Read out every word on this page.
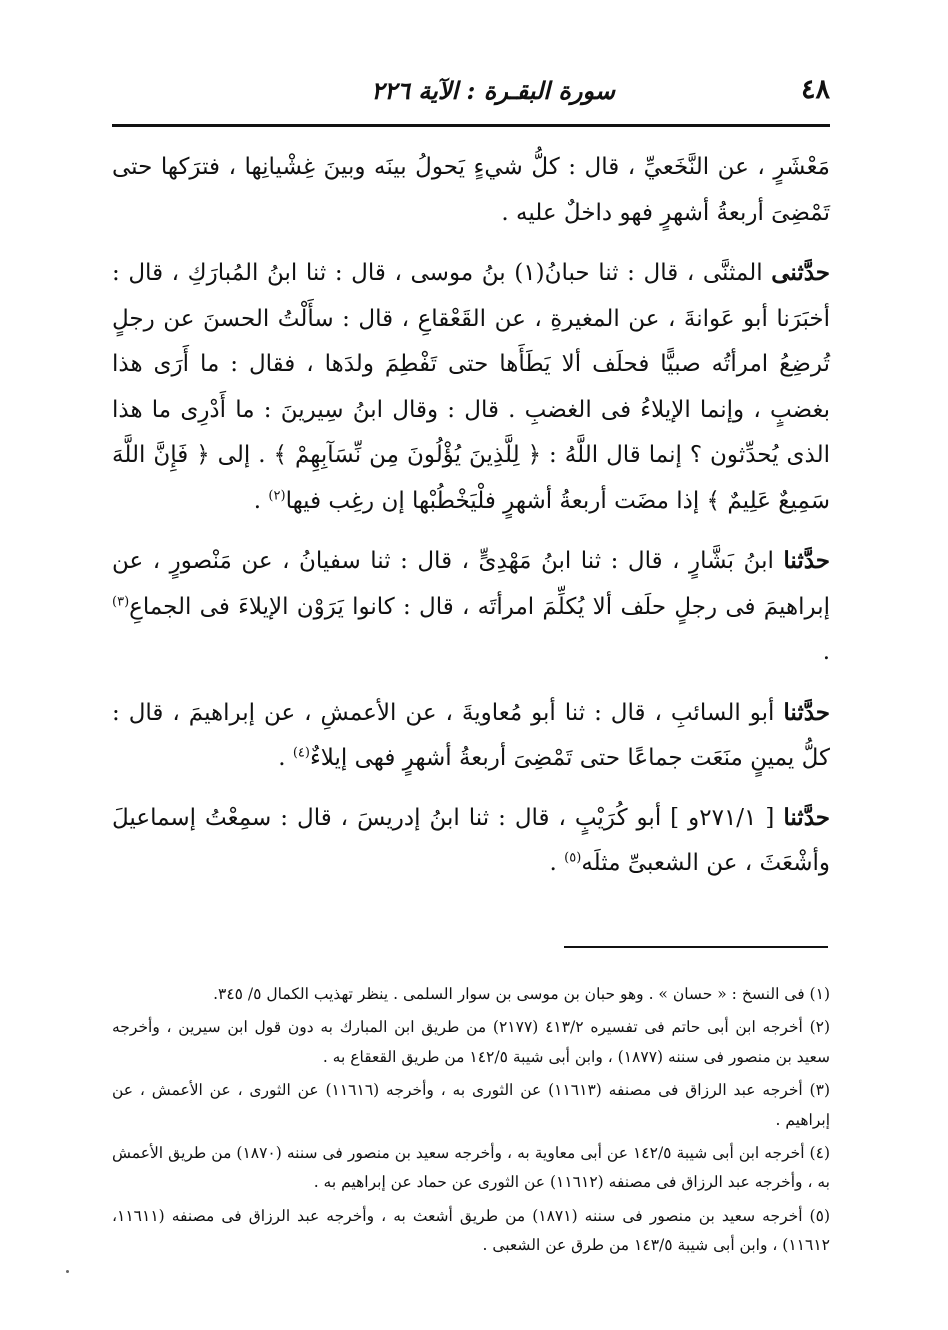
٤٨
سورة البقـرة : الآية ٢٢٦

مَعْشَرٍ ، عن النَّخَعيِّ ، قال : كلُّ شيءٍ يَحولُ بينَه وبينَ غِشْيانِها ، فترَكها حتى تَمْضِىَ أربعةُ أشهرٍ فهو داخلٌ عليه .

حدَّثنى المثنَّى ، قال : ثنا حبانُ(١) بنُ موسى ، قال : ثنا ابنُ المُبارَكِ ، قال : أخبَرَنا أبو عَوانةَ ، عن المغيرةِ ، عن القَعْقاعِ ، قال : سأَلْتُ الحسنَ عن رجلٍ تُرضِعُ امرأتُه صبيًّا فحلَف ألا يَطَأَها حتى تَفْطِمَ ولدَها ، فقال : ما أَرَى هذا بغضبٍ ، وإنما الإيلاءُ فى الغضبِ . قال : وقال ابنُ سِيرينَ : ما أَدْرِى ما هذا الذى يُحدِّثون ؟ إنما قال اللَّهُ : ﴿ لِلَّذِينَ يُؤْلُونَ مِن نِّسَآبِهِمْ ﴾ . إلى ﴿ فَإِنَّ اللَّهَ سَمِيعٌ عَلِيمٌ ﴾ إذا مضَت أربعةُ أشهرٍ فلْيَخْطُبْها إن رغِب فيها$^{(٢)}$ .

حدَّثنا ابنُ بَشَّارٍ ، قال : ثنا ابنُ مَهْدِىٍّ ، قال : ثنا سفيانُ ، عن مَنْصورٍ ، عن إبراهيمَ فى رجلٍ حلَف ألا يُكلِّمَ امرأتَه ، قال : كانوا يَرَوْن الإيلاءَ فى الجماعِ$^{(٣)}$ .

حدَّثنا أبو السائبِ ، قال : ثنا أبو مُعاويةَ ، عن الأعمشِ ، عن إبراهيمَ ، قال : كلُّ يمينٍ منَعَت جماعًا حتى تَمْضِىَ أربعةُ أشهرٍ فهى إيلاءٌ$^{(٤)}$ .

حدَّثنا [ ٢٧١/١و ] أبو كُرَيْبٍ ، قال : ثنا ابنُ إدريسَ ، قال : سمِعْتُ إسماعيلَ وأشْعَثَ ، عن الشعبىِّ مثلَه$^{(٥)}$ .

(١) فى النسخ : « حسان » . وهو حبان بن موسى بن سوار السلمى . ينظر تهذيب الكمال ٥/ ٣٤٥.

(٢) أخرجه ابن أبى حاتم فى تفسيره ٤١٣/٢ (٢١٧٧) من طريق ابن المبارك به دون قول ابن سيرين ، وأخرجه سعيد بن منصور فى سننه (١٨٧٧) ، وابن أبى شيبة ١٤٢/٥ من طريق القعقاع به .

(٣) أخرجه عبد الرزاق فى مصنفه (١١٦١٣) عن الثورى به ، وأخرجه (١١٦١٦) عن الثورى ، عن الأعمش ، عن إبراهيم .

(٤) أخرجه ابن أبى شيبة ١٤٢/٥ عن أبى معاوية به ، وأخرجه سعيد بن منصور فى سننه (١٨٧٠) من طريق الأعمش به ، وأخرجه عبد الرزاق فى مصنفه (١١٦١٢) عن الثورى عن حماد عن إبراهيم به .

(٥) أخرجه سعيد بن منصور فى سننه (١٨٧١) من طريق أشعث به ، وأخرجه عبد الرزاق فى مصنفه (١١٦١١، ١١٦١٢) ، وابن أبى شيبة ١٤٣/٥ من طرق عن الشعبى .
